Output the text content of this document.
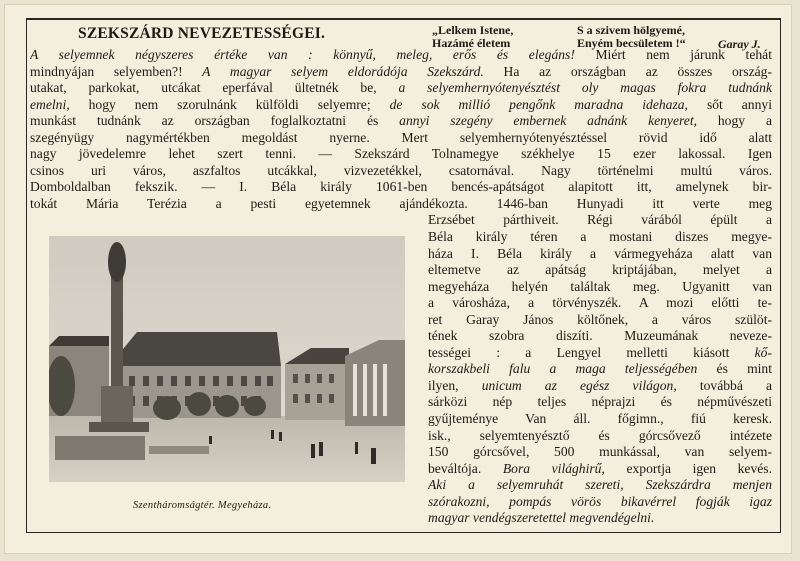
SZEKSZÁRD NEVEZETESSÉGEI.	„Lelkem Istene,
Hazámé életem
S a szivem hölgyemé,
Enyém becsületem !“	Garay J.
A selyemnek négyszeres értéke van : könnyű, meleg, erős és elegáns! Miért nem járunk tehát
mindnyájan selyemben?! A magyar selyem eldorádója Szekszárd. Ha az országban az összes ország-
utakat, parkokat, utcákat eperfával ültetnék be, a selyemhernyótenyésztést oly magas fokra tudnánk
emelni, hogy nem szorulnánk külföldi selyemre; de sok millió pengőnk maradna idehaza, sőt annyi
munkást tudnánk az országban foglalkoztatni és annyi szegény embernek adnánk kenyeret, hogy a
szegényügy nagymértékben megoldást nyerne. Mert selyemhernyótenyésztéssel rövid idő alatt
nagy jövedelemre lehet szert tenni. — Szekszárd Tolnamegye székhelye 15 ezer lakossal. Igen
csinos uri város, aszfaltos utcákkal, vizvezetékkel, csatornával. Nagy történelmi multú város.
Domboldalban fekszik. — I. Béla király 1061-ben bencés-apátságot alapitott itt, amelynek bir-
tokát Mária Terézia a pesti egyetemnek ajándékozta. 1446-ban Hunyadi itt verte meg
Erzsébet párthiveit. Régi várából épült a
Béla király téren a mostani diszes megye-
háza I. Béla király a vármegyeháza alatt van
eltemetve az apátság kriptájában, melyet a
megyeháza helyén találtak meg. Ugyanitt van
a városháza, a törvényszék. A mozi előtti te-
ret Garay János költőnek, a város szülöt-
tének szobra diszíti. Muzeumának neveze-
tességei : a Lengyel melletti kiásott kő-
korszakbeli falu a maga teljességében és mint
ilyen, unicum az egész világon, továbbá a
sárközi nép teljes néprajzi és népművészeti
gyűjteménye Van áll. főgimn., fiú keresk.
isk., selyemtenyésztő és górcsővező intézete
150 górcsővel, 500 munkással, van selyem-
beváltója. Bora világhirű, exportja igen kevés.
Aki a selyemruhát szereti, Szekszárdra menjen
szórakozni, pompás vörös bikavérrel fogják igaz
magyar vendégszeretettel megvendégelni.
Szentháromságtér. Megyeháza.
